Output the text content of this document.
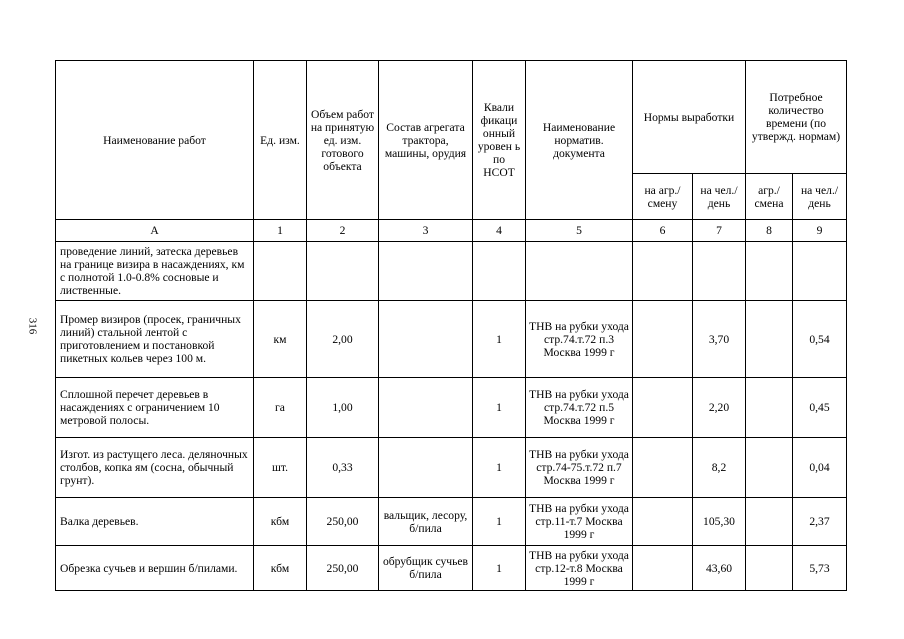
316
Наименование работ	Ед. изм.	Объем работ на принятую ед. изм. готового объекта	Состав агрегата трактора, машины, орудия	Квали фикаци онный уровен ь по НСОТ	Наименование норматив. документа	Нормы выработки		Потребное количество времени (по утвержд. нормам)	
						на агр./ смену	на чел./ день	агр./ смена	на чел./ день
А	1	2	3	4	5	6	7	8	9
проведение линий, затеска деревьев на границе визира в насаждениях, км с полнотой 1.0-0.8% сосновые и лиственные.									
Промер визиров (просек, граничных линий) стальной лентой с приготовлением и постановкой пикетных кольев через 100 м.	км	2,00		1	ТНВ на рубки ухода стр.74.т.72 п.3 Москва 1999 г		3,70		0,54
Сплошной перечет деревьев в насаждениях с ограничением 10 метровой полосы.	га	1,00		1	ТНВ на рубки ухода стр.74.т.72 п.5 Москва 1999 г		2,20		0,45
Изгот. из растущего леса. деляночных столбов, копка ям (сосна, обычный грунт).	шт.	0,33		1	ТНВ на рубки ухода стр.74-75.т.72 п.7 Москва 1999 г		8,2		0,04
Валка деревьев.	кбм	250,00	вальщик, лесору, б/пила	1	ТНВ на рубки ухода стр.11-т.7 Москва 1999 г		105,30		2,37
Обрезка сучьев и вершин б/пилами.	кбм	250,00	обрубщик сучьев б/пила	1	ТНВ на рубки ухода стр.12-т.8 Москва 1999 г		43,60		5,73
